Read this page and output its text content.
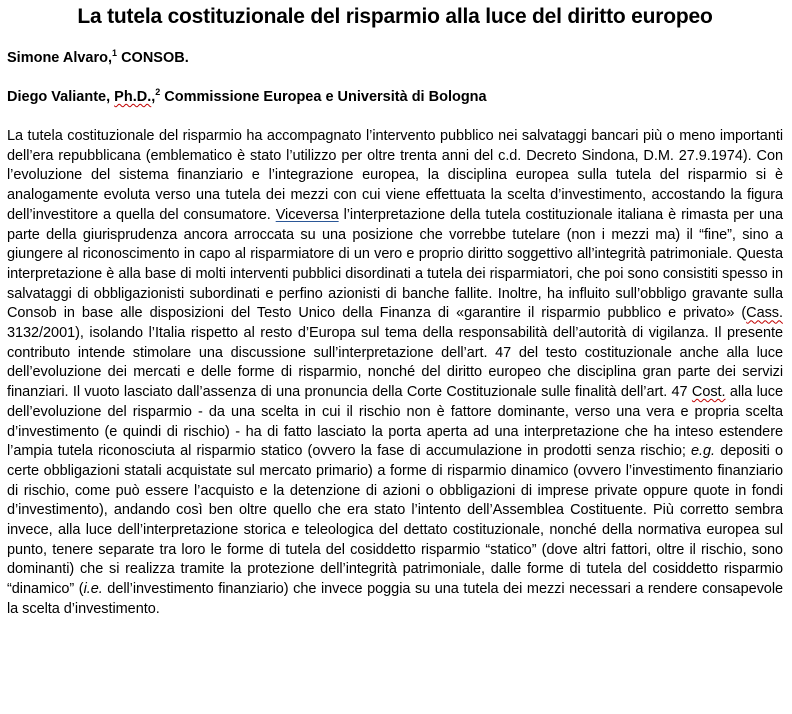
La tutela costituzionale del risparmio alla luce del diritto europeo

Simone Alvaro,$^1$ CONSOB.

Diego Valiante, Ph.D.,$^2$ Commissione Europea e Università di Bologna

La tutela costituzionale del risparmio ha accompagnato l’intervento pubblico nei salvataggi bancari più o meno importanti dell’era repubblicana (emblematico è stato l’utilizzo per oltre trenta anni del c.d. Decreto Sindona, D.M. 27.9.1974). Con l’evoluzione del sistema finanziario e l’integrazione europea, la disciplina europea sulla tutela del risparmio si è analogamente evoluta verso una tutela dei mezzi con cui viene effettuata la scelta d’investimento, accostando la figura dell’investitore a quella del consumatore. Viceversa l’interpretazione della tutela costituzionale italiana è rimasta per una parte della giurisprudenza ancora arroccata su una posizione che vorrebbe tutelare (non i mezzi ma) il “fine”, sino a giungere al riconoscimento in capo al risparmiatore di un vero e proprio diritto soggettivo all’integrità patrimoniale. Questa interpretazione è alla base di molti interventi pubblici disordinati a tutela dei risparmiatori, che poi sono consistiti spesso in salvataggi di obbligazionisti subordinati e perfino azionisti di banche fallite. Inoltre, ha influito sull’obbligo gravante sulla Consob in base alle disposizioni del Testo Unico della Finanza di «garantire il risparmio pubblico e privato» (Cass. 3132/2001), isolando l’Italia rispetto al resto d’Europa sul tema della responsabilità dell’autorità di vigilanza. Il presente contributo intende stimolare una discussione sull’interpretazione dell’art. 47 del testo costituzionale anche alla luce dell’evoluzione dei mercati e delle forme di risparmio, nonché del diritto europeo che disciplina gran parte dei servizi finanziari. Il vuoto lasciato dall’assenza di una pronuncia della Corte Costituzionale sulle finalità dell’art. 47 Cost. alla luce dell’evoluzione del risparmio - da una scelta in cui il rischio non è fattore dominante, verso una vera e propria scelta d’investimento (e quindi di rischio) - ha di fatto lasciato la porta aperta ad una interpretazione che ha inteso estendere l’ampia tutela riconosciuta al risparmio statico (ovvero la fase di accumulazione in prodotti senza rischio; e.g. depositi o certe obbligazioni statali acquistate sul mercato primario) a forme di risparmio dinamico (ovvero l’investimento finanziario di rischio, come può essere l’acquisto e la detenzione di azioni o obbligazioni di imprese private oppure quote in fondi d’investimento), andando così ben oltre quello che era stato l’intento dell’Assemblea Costituente. Più corretto sembra invece, alla luce dell’interpretazione storica e teleologica del dettato costituzionale, nonché della normativa europea sul punto, tenere separate tra loro le forme di tutela del cosiddetto risparmio “statico” (dove altri fattori, oltre il rischio, sono dominanti) che si realizza tramite la protezione dell’integrità patrimoniale, dalle forme di tutela del cosiddetto risparmio “dinamico” (i.e. dell’investimento finanziario) che invece poggia su una tutela dei mezzi necessari a rendere consapevole la scelta d’investimento.
